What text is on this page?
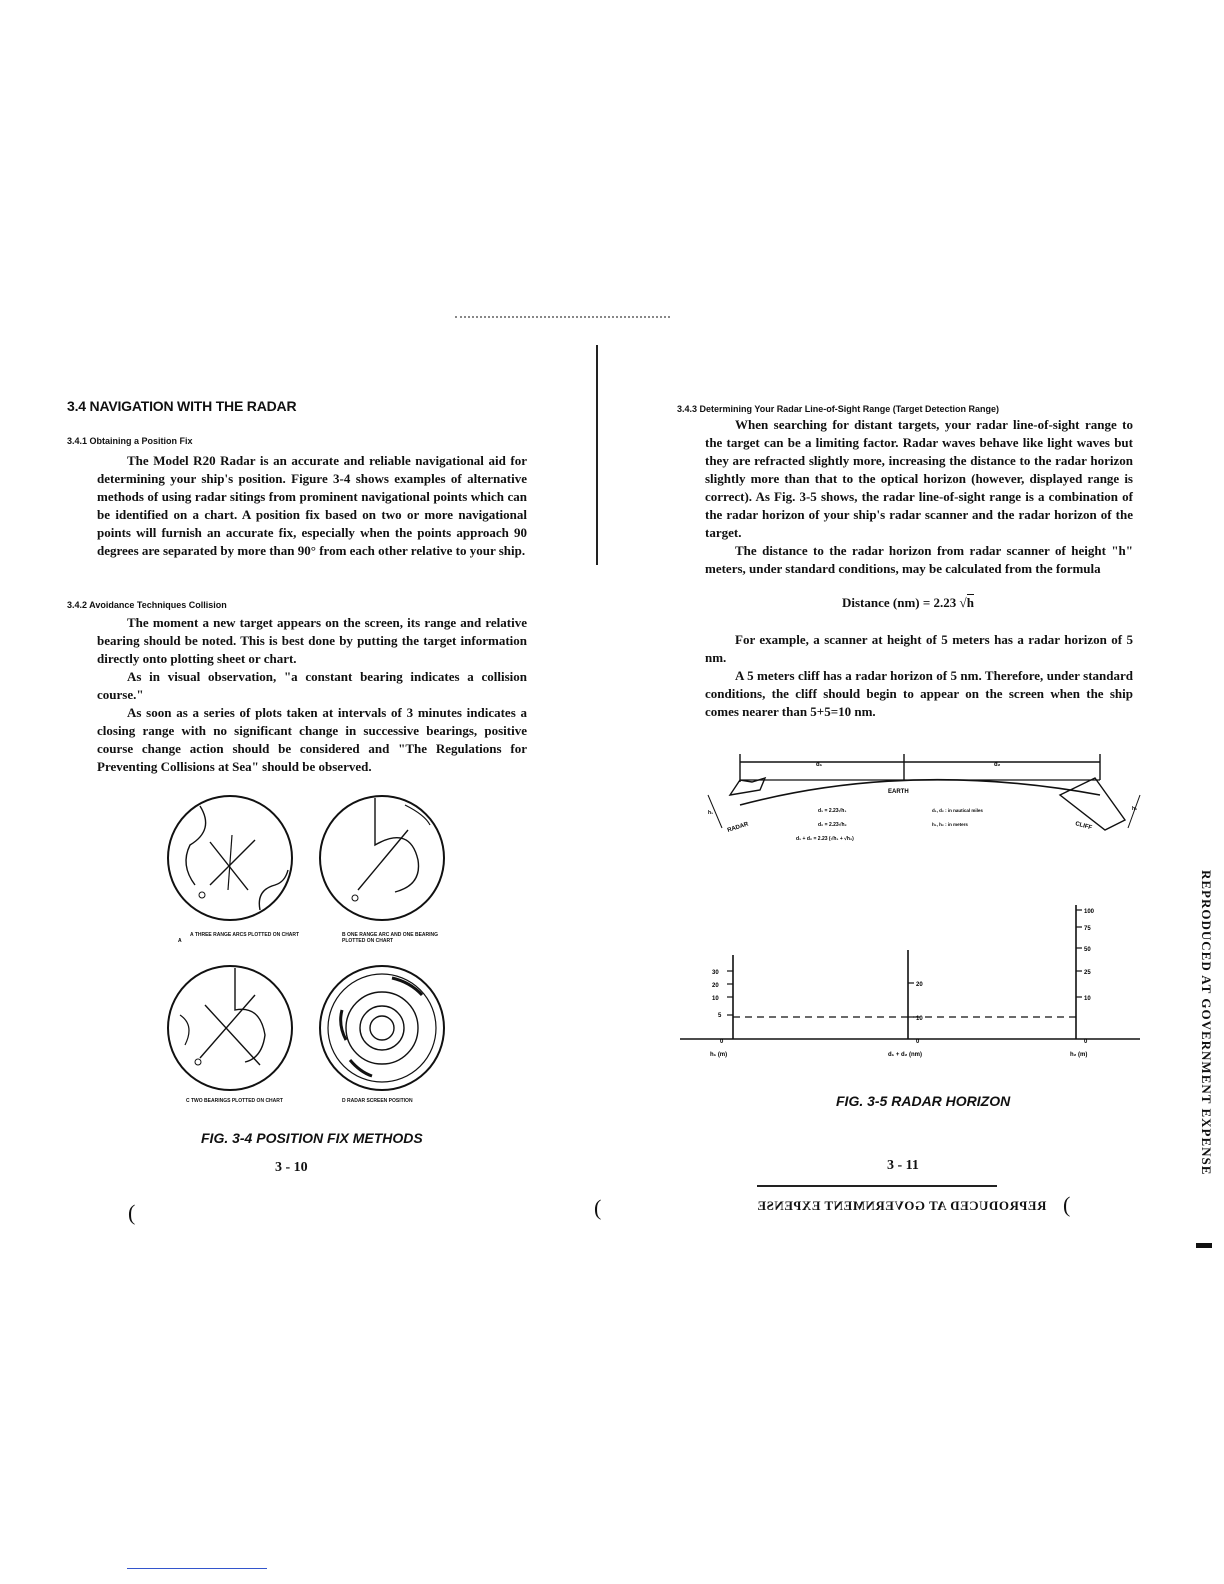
3.4 NAVIGATION WITH THE RADAR
3.4.1 Obtaining a Position Fix

The Model R20 Radar is an accurate and reliable navigational aid for determining your ship's position. Figure 3-4 shows examples of alternative methods of using radar sitings from prominent navigational points which can be identified on a chart. A position fix based on two or more navigational points will furnish an accurate fix, especially when the points approach 90 degrees are separated by more than 90° from each other relative to your ship.

3.4.2 Avoidance Techniques Collision

The moment a new target appears on the screen, its range and relative bearing should be noted. This is best done by putting the target information directly onto plotting sheet or chart.

As in visual observation, "a constant bearing indicates a collision course."

As soon as a series of plots taken at intervals of 3 minutes indicates a closing range with no significant change in successive bearings, positive course change action should be considered and "The Regulations for Preventing Collisions at Sea" should be observed.

A
A THREE RANGE ARCS PLOTTED ON CHART	B ONE RANGE ARC AND ONE BEARING PLOTTED ON CHART
C TWO BEARINGS PLOTTED ON CHART	D RADAR SCREEN POSITION
FIG. 3-4 POSITION FIX METHODS
3 - 10
(	(
3.4.3 Determining Your Radar Line-of-Sight Range (Target Detection Range)

When searching for distant targets, your radar line-of-sight range to the target can be a limiting factor. Radar waves behave like light waves but they are refracted slightly more, increasing the distance to the radar horizon slightly more than that to the optical horizon (however, displayed range is correct). As Fig. 3-5 shows, the radar line-of-sight range is a combination of the radar horizon of your ship's radar scanner and the radar horizon of the target.

The distance to the radar horizon from radar scanner of height "h" meters, under standard conditions, may be calculated from the formula

Distance (nm) = 2.23 √h

For example, a scanner at height of 5 meters has a radar horizon of 5 nm.

A 5 meters cliff has a radar horizon of 5 nm. Therefore, under standard conditions, the cliff should begin to appear on the screen when the ship comes nearer than 5+5=10 nm.

d₁	d₂
EARTH
RADAR	CLIFF
h₁
h₂
d₁ = 2.23√h₁
d₂ = 2.23√h₂
d₁ + d₂ = 2.23 (√h₁ + √h₂)
d₁, d₂ : in nautical miles
h₁, h₂ : in meters
30
20
10
5
0
20
10
0
100
75
50
25
10
0
h₁ (m)	d₁ + d₂ (nm)	h₂ (m)
FIG. 3-5 RADAR HORIZON
3 - 11
REPRODUCED AT GOVERNMENT EXPENSE (
REPRODUCED AT GOVERNMENT EXPENSE
